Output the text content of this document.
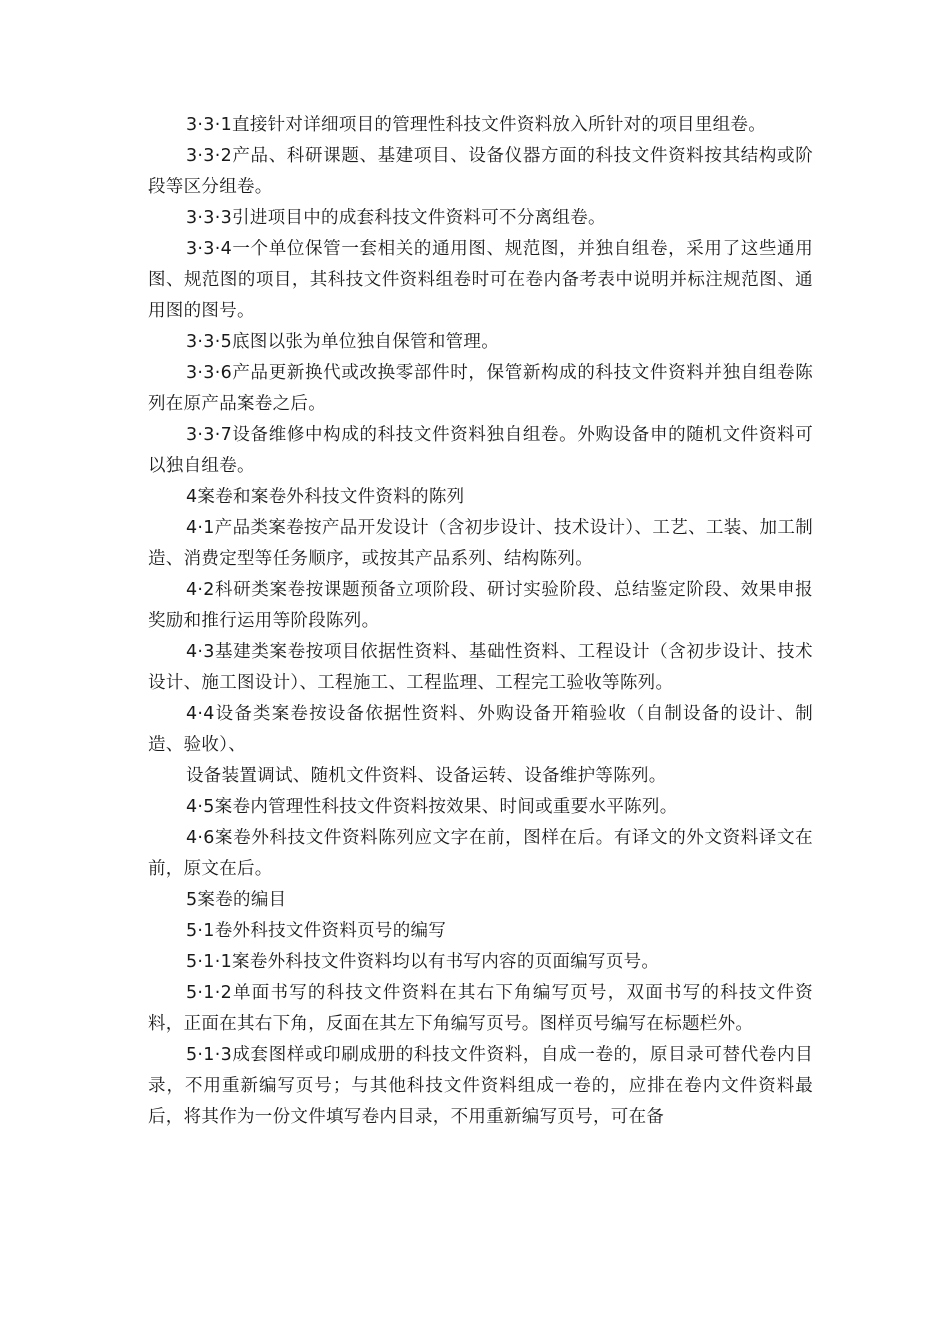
3·3·1直接针对详细项目的管理性科技文件资料放入所针对的项目里组卷。

3·3·2产品、科研课题、基建项目、设备仪器方面的科技文件资料按其结构或阶段等区分组卷。

3·3·3引进项目中的成套科技文件资料可不分离组卷。

3·3·4一个单位保管一套相关的通用图、规范图，并独自组卷，采用了这些通用图、规范图的项目，其科技文件资料组卷时可在卷内备考表中说明并标注规范图、通用图的图号。

3·3·5底图以张为单位独自保管和管理。

3·3·6产品更新换代或改换零部件时，保管新构成的科技文件资料并独自组卷陈列在原产品案卷之后。

3·3·7设备维修中构成的科技文件资料独自组卷。外购设备申的随机文件资料可以独自组卷。

4案卷和案卷外科技文件资料的陈列

4·1产品类案卷按产品开发设计（含初步设计、技术设计）、工艺、工装、加工制造、消费定型等任务顺序，或按其产品系列、结构陈列。

4·2科研类案卷按课题预备立项阶段、研讨实验阶段、总结鉴定阶段、效果申报奖励和推行运用等阶段陈列。

4·3基建类案卷按项目依据性资料、基础性资料、工程设计（含初步设计、技术设计、施工图设计）、工程施工、工程监理、工程完工验收等陈列。

4·4设备类案卷按设备依据性资料、外购设备开箱验收（自制设备的设计、制造、验收）、

设备装置调试、随机文件资料、设备运转、设备维护等陈列。

4·5案卷内管理性科技文件资料按效果、时间或重要水平陈列。

4·6案卷外科技文件资料陈列应文字在前，图样在后。有译文的外文资料译文在前，原文在后。

5案卷的编目

5·1卷外科技文件资料页号的编写

5·1·1案卷外科技文件资料均以有书写内容的页面编写页号。

5·1·2单面书写的科技文件资料在其右下角编写页号，双面书写的科技文件资料，正面在其右下角，反面在其左下角编写页号。图样页号编写在标题栏外。

5·1·3成套图样或印刷成册的科技文件资料，自成一卷的，原目录可替代卷内目录，不用重新编写页号；与其他科技文件资料组成一卷的，应排在卷内文件资料最后，将其作为一份文件填写卷内目录，不用重新编写页号，可在备
